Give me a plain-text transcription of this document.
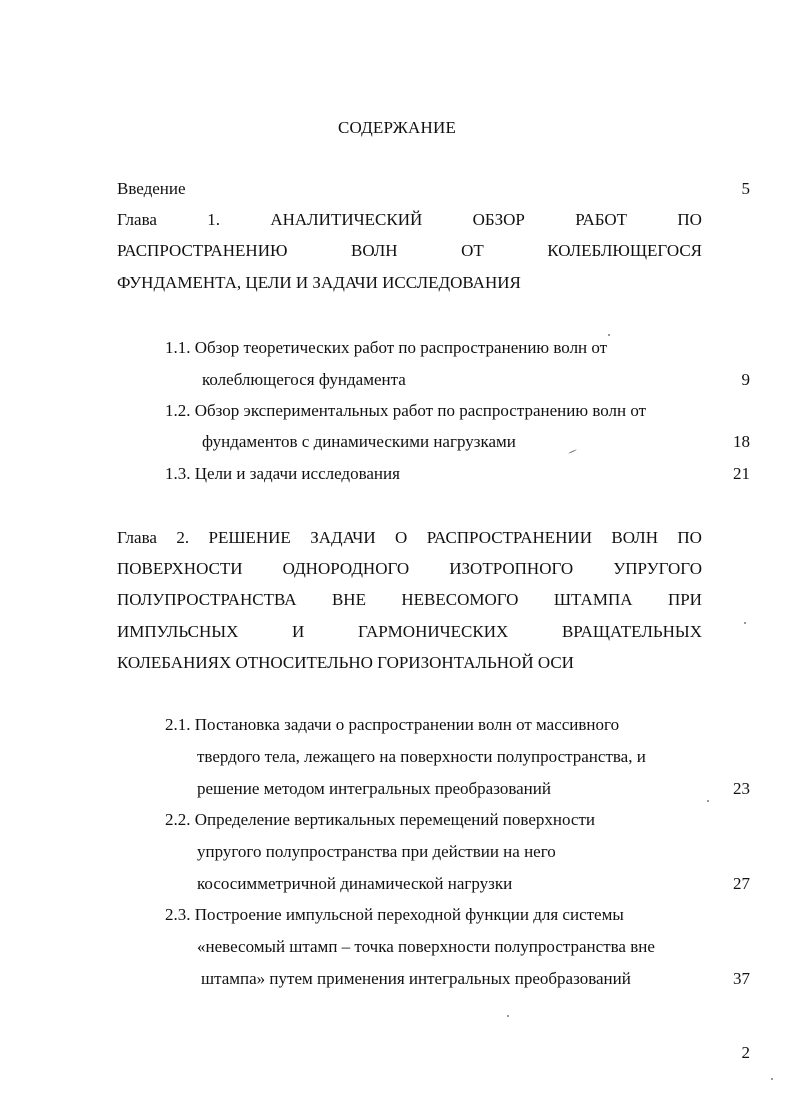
СОДЕРЖАНИЕ
Введение	5
Глава	1.	АНАЛИТИЧЕСКИЙ	ОБЗОР	РАБОТ	ПО
РАСПРОСТРАНЕНИЮ	ВОЛН	ОТ	КОЛЕБЛЮЩЕГОСЯ
ФУНДАМЕНТА, ЦЕЛИ И ЗАДАЧИ ИССЛЕДОВАНИЯ
1.1. Обзор теоретических работ по распространению волн от
колеблющегося фундамента	9
1.2. Обзор экспериментальных работ по распространению волн от
фундаментов с динамическими нагрузками	18
1.3. Цели и задачи исследования	21
Глава 2. РЕШЕНИЕ ЗАДАЧИ О РАСПРОСТРАНЕНИИ ВОЛН ПО
ПОВЕРХНОСТИ ОДНОРОДНОГО ИЗОТРОПНОГО УПРУГОГО
ПОЛУПРОСТРАНСТВА ВНЕ НЕВЕСОМОГО ШТАМПА ПРИ
ИМПУЛЬСНЫХ	И	ГАРМОНИЧЕСКИХ	ВРАЩАТЕЛЬНЫХ
КОЛЕБАНИЯХ ОТНОСИТЕЛЬНО ГОРИЗОНТАЛЬНОЙ ОСИ
2.1. Постановка задачи о распространении волн от массивного
твердого тела, лежащего на поверхности полупространства, и
решение методом интегральных преобразований	23
2.2. Определение вертикальных перемещений поверхности
упругого полупространства при действии на него
кососимметричной динамической нагрузки	27
2.3. Построение импульсной переходной функции для системы
«невесомый штамп – точка поверхности полупространства вне
штампа» путем применения интегральных преобразований	37
2
